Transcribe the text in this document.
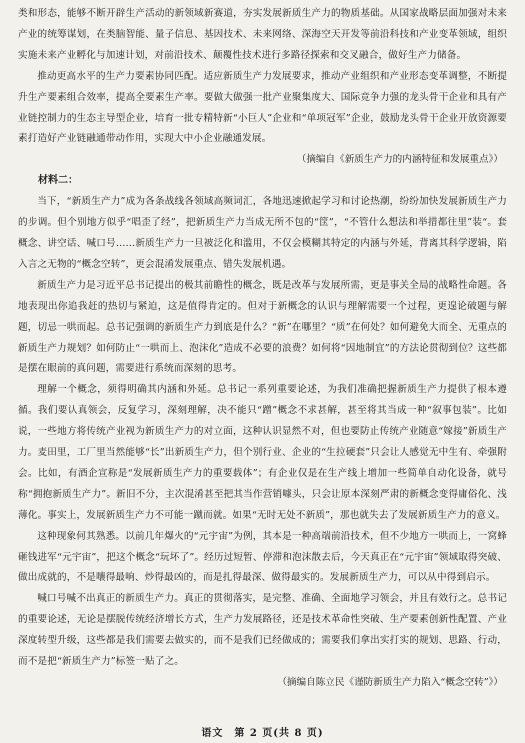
类和形态，能够不断开辟生产活动的新领域新赛道，夯实发展新质生产力的物质基础。从国家战略层面加强对未来产业的统筹谋划，在类脑智能、量子信息、基因技术、未来网络、深海空天开发等前沿科技和产业变革领域，组织实施未来产业孵化与加速计划，对前沿技术、颠覆性技术进行多路径探索和交叉融合，做好生产力储备。

推动更高水平的生产力要素协同匹配。适应新质生产力发展要求，推动产业组织和产业形态变革调整，不断提升生产要素组合效率，提高全要素生产率。要做大做强一批产业聚集度大、国际竞争力强的龙头骨干企业和具有产业链控制力的生态主导型企业，培育一批专精特新“小巨人”企业和“单项冠军”企业，鼓励龙头骨干企业开放资源要素打造好产业链融通带动作用，实现大中小企业融通发展。

（摘编自《新质生产力的内涵特征和发展重点》）

材料二：

当下，“新质生产力”成为各条战线各领域高频词汇，各地迅速掀起学习和讨论热潮，纷纷加快发展新质生产力的步调。但个别地方似乎“唱歪了经”，把新质生产力当成无所不包的“筐”，“不管什么想法和举措都往里”装“。套概念、讲空话、喊口号……新质生产力一旦被泛化和滥用，不仅会模糊其特定的内涵与外延，背离其科学逻辑，陷入言之无物的“概念空转”，更会混淆发展重点、错失发展机遇。

新质生产力是习近平总书记提出的极其前瞻性的概念，既是改革与发展所需，更是事关全局的战略性命题。各地表现出你追我赶的热切与紧迫，这是值得肯定的。但对于新概念的认识与理解需要一个过程，更遑论破题与解题，切忌一哄而起。总书记强调的新质生产力到底是什么？“新”在哪里？“质”在何处？如何避免大而全、无重点的新质生产力规划？如何防止“一哄而上、泡沫化”造成不必要的浪费？如何将“因地制宜”的方法论贯彻到位？这些都是摆在眼前的真问题，需要进行系统而深刻的思考。

理解一个概念，须得明确其内涵和外延。总书记一系列重要论述，为我们准确把握新质生产力提供了根本遵循。我们要认真领会，反复学习，深刻理解，决不能只“蹭”概念不求甚解，甚至将其当成一种“叙事包装”。比如说，一些地方将传统产业视为新质生产力的对立面，这种认识显然不对，但也要防止传统产业随意“嫁接”新质生产力。麦田里，工厂里当然能够“长”出新质生产力，但个别行业、企业的“生拉硬套”只会让人感觉无中生有、牵强附会。比如，有酒企宣称是“发展新质生产力的重要载体”；有企业仅是在生产线上增加一些简单自动化设备，就号称“拥抱新质生产力”。新旧不分，主次混淆甚至把其当作营销噱头，只会让原本深刻严肃的新概念变得庸俗化、浅薄化。事实上，发展新质生产力不可能一蹴而就。如果“无时无处不新质”，那也就失去了发展新质生产力的意义。

这种现象何其熟悉。以前几年爆火的“元宇宙”为例，其本是一种高端前沿技术，但不少地方一哄而上，一窝蜂砸钱进军“元宇宙”，把这个概念“玩坏了”。经历过短暂、停滞和泡沫散去后，今天真正在“元宇宙”领域取得突破、做出成就的，不是嚷得最响、炒得最凶的，而是扎得最深、做得最实的。发展新质生产力，可以从中得到启示。

喊口号喊不出真正的新质生产力。真正的贯彻落实，是完整、准确、全面地学习领会，并且有效行之。总书记的重要论述，无论是摆脱传统经济增长方式，生产力发展路径，还是技术革命性突破、生产要素创新性配置、产业深度转型升级，这些都是我们需要去做实的，而不是我们已经做成的；需要我们拿出实打实的规划、思路、行动，而不是把“新质生产力”标签一贴了之。

（摘编自陈立民《谨防新质生产力陷入“概念空转”》）

语文　第 2 页(共 8 页)
